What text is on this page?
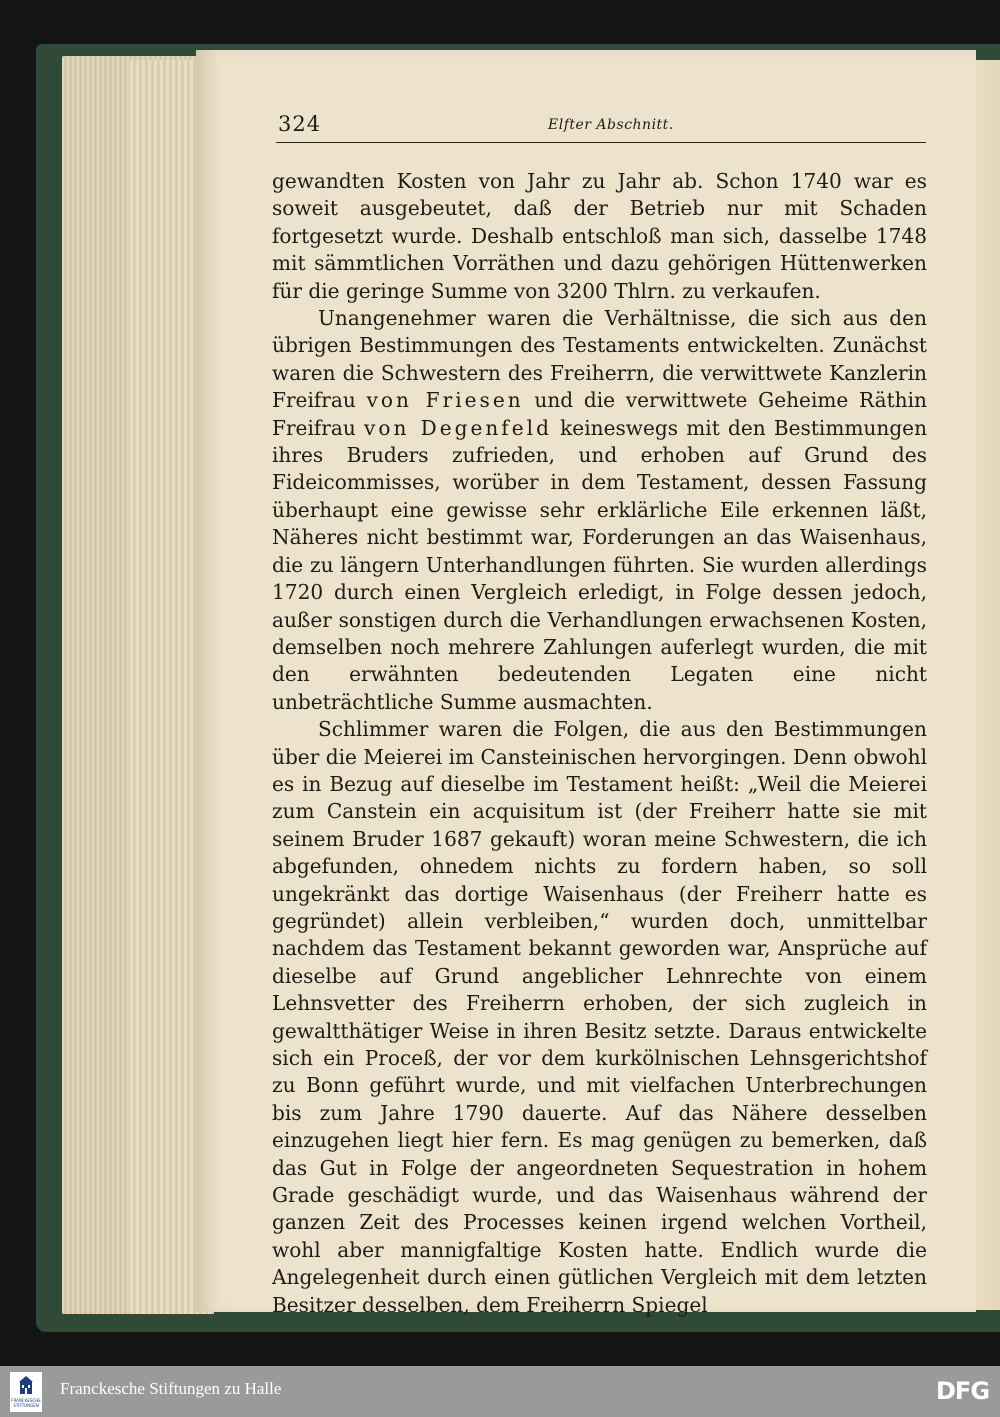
324	Elfter Abschnitt.

gewandten Kosten von Jahr zu Jahr ab. Schon 1740 war es soweit ausgebeutet, daß der Betrieb nur mit Schaden fortgesetzt wurde. Deshalb entschloß man sich, dasselbe 1748 mit sämmtlichen Vorräthen und dazu gehörigen Hüttenwerken für die geringe Summe von 3200 Thlrn. zu verkaufen.

Unangenehmer waren die Verhältnisse, die sich aus den übrigen Bestimmungen des Testaments entwickelten. Zunächst waren die Schwestern des Freiherrn, die verwittwete Kanzlerin Freifrau von Friesen und die verwittwete Geheime Räthin Freifrau von Degenfeld keineswegs mit den Bestimmungen ihres Bruders zufrieden, und erhoben auf Grund des Fideicommisses, worüber in dem Testament, dessen Fassung überhaupt eine gewisse sehr erklärliche Eile erkennen läßt, Näheres nicht bestimmt war, Forderungen an das Waisenhaus, die zu längern Unterhandlungen führten. Sie wurden allerdings 1720 durch einen Vergleich erledigt, in Folge dessen jedoch, außer sonstigen durch die Verhandlungen erwachsenen Kosten, demselben noch mehrere Zahlungen auferlegt wurden, die mit den erwähnten bedeutenden Legaten eine nicht unbeträchtliche Summe ausmachten.

Schlimmer waren die Folgen, die aus den Bestimmungen über die Meierei im Cansteinischen hervorgingen. Denn obwohl es in Bezug auf dieselbe im Testament heißt: „Weil die Meierei zum Canstein ein acquisitum ist (der Freiherr hatte sie mit seinem Bruder 1687 gekauft) woran meine Schwestern, die ich abgefunden, ohnedem nichts zu fordern haben, so soll ungekränkt das dortige Waisenhaus (der Freiherr hatte es gegründet) allein verbleiben,“ wurden doch, unmittelbar nachdem das Testament bekannt geworden war, Ansprüche auf dieselbe auf Grund angeblicher Lehnrechte von einem Lehnsvetter des Freiherrn erhoben, der sich zugleich in gewaltthätiger Weise in ihren Besitz setzte. Daraus entwickelte sich ein Proceß, der vor dem kurkölnischen Lehnsgerichtshof zu Bonn geführt wurde, und mit vielfachen Unterbrechungen bis zum Jahre 1790 dauerte. Auf das Nähere desselben einzugehen liegt hier fern. Es mag genügen zu bemerken, daß das Gut in Folge der angeordneten Sequestration in hohem Grade geschädigt wurde, und das Waisenhaus während der ganzen Zeit des Processes keinen irgend welchen Vortheil, wohl aber mannigfaltige Kosten hatte. Endlich wurde die Angelegenheit durch einen gütlichen Vergleich mit dem letzten Besitzer desselben, dem Freiherrn Spiegel

FRANCKESCHE STIFTUNGEN
Franckesche Stiftungen zu Halle	DFG
